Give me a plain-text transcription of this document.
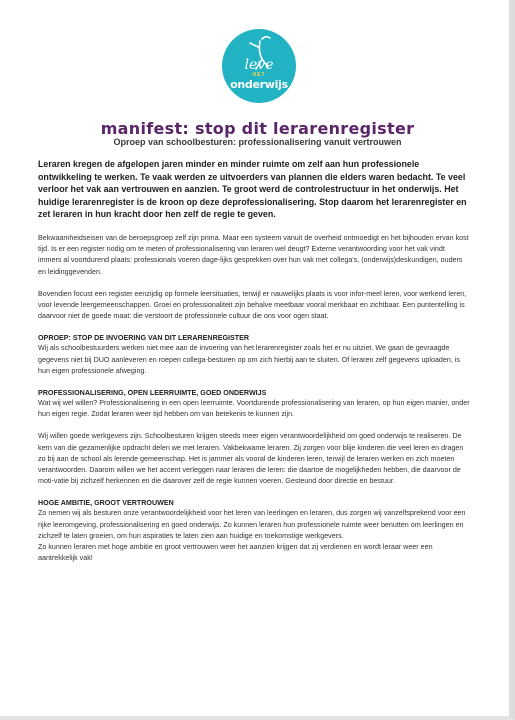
leve
HET
onderwijs
manifest: stop dit lerarenregister

Oproep van schoolbesturen: professionalisering vanuit vertrouwen

Leraren kregen de afgelopen jaren minder en minder ruimte om zelf aan hun professionele ontwikkeling te werken. Te vaak werden ze uitvoerders van plannen die elders waren bedacht. Te veel verloor het vak aan vertrouwen en aanzien. Te groot werd de controlestructuur in het onderwijs. Het huidige lerarenregister is de kroon op deze deprofessionalisering. Stop daarom het lerarenregister en zet leraren in hun kracht door hen zelf de regie te geven.

Bekwaamheidseisen van de beroepsgroep zelf zijn prima. Maar een systeem vanuit de overheid ontmoedigt en het bijhouden ervan kost tijd. Is er een register nodig om te meten of professionalisering van leraren wel deugt? Externe verantwoording voor het vak vindt immers al voortdurend plaats: professionals voeren dage-lijks gesprekken over hun vak met collega's, (onderwijs)deskundigen, ouders en leidinggevenden.

Bovendien focust een register eenzijdig op formele leersituaties, terwijl er nauwelijks plaats is voor infor-meel leren, voor werkend leren, voor levende leergemeenschappen. Groei en professionaliteit zijn behalve meetbaar vooral merkbaar en zichtbaar. Een puntentelling is daarvoor niet de goede maat: die verstoort de professionele cultuur die ons voor ogen staat.

OPROEP: STOP DE INVOERING VAN DIT LERARENREGISTER

Wij als schoolbestuurders werken niet mee aan de invoering van het lerarenregister zoals het er nu uitziet. We gaan de gevraagde gegevens niet bij DUO aanleveren en roepen collega-besturen op om zich hierbij aan te sluiten. Of leraren zelf gegevens uploaden, is hun eigen professionele afweging.

PROFESSIONALISERING, OPEN LEERRUIMTE, GOED ONDERWIJS

Wat wij wel willen? Professionalisering in een open leerruimte. Voortdurende professionalisering van leraren, op hun eigen manier, onder hun eigen regie. Zodat leraren weer tijd hebben om van betekenis te kunnen zijn.

Wij willen goede werkgevers zijn. Schoolbesturen krijgen steeds meer eigen verantwoordelijkheid om goed onderwijs te realiseren. De kern van die gezamenlijke opdracht delen we met leraren. Vakbekwame leraren. Zij zorgen voor blije kinderen die veel leren en dragen zo bij aan de school als lerende gemeenschap. Het is jammer als vooral de kinderen leren, terwijl de leraren werken en zich moeten verantwoorden. Daarom willen we het accent verleggen naar leraren die leren: die daartoe de mogelijkheden hebben, die daarvoor de moti-vatie bij zichzelf herkennen en die daarover zelf de regie kunnen voeren. Gesteund door directie en bestuur.

HOGE AMBITIE, GROOT VERTROUWEN

Zo nemen wij als besturen onze verantwoordelijkheid voor het leren van leerlingen en leraren, dus zorgen wij vanzelfsprekend voor een rijke leeromgeving, professionalisering en goed onderwijs. Zo kunnen leraren hun professionele ruimte weer benutten om leerlingen en zichzelf te laten groeien, om hun aspiraties te laten zien aan huidige en toekomstige werkgevers.
Zo kunnen leraren met hoge ambitie en groot vertrouwen weer het aanzien krijgen dat zij verdienen en wordt leraar weer een aantrekkelijk vak!
